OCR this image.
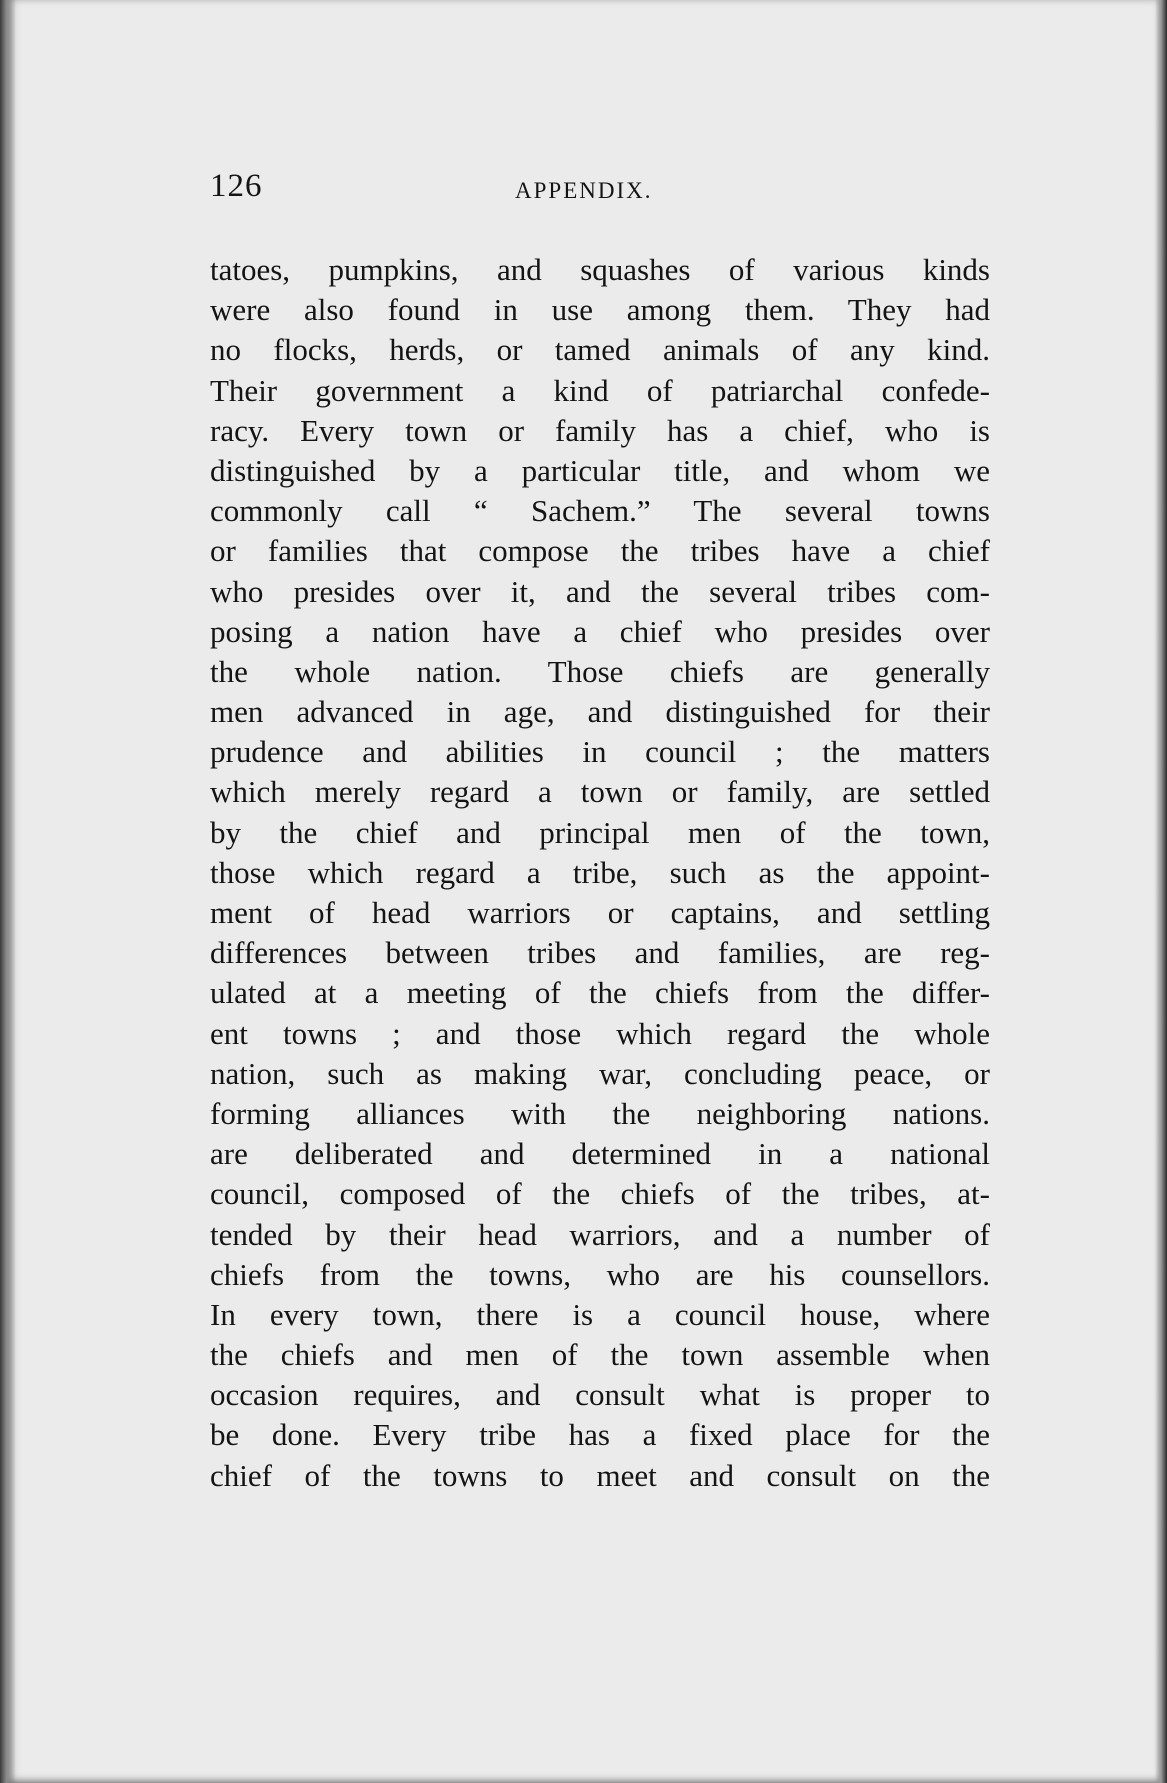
126	APPENDIX.
tatoes, pumpkins, and squashes of various kinds
were also found in use among them. They had
no flocks, herds, or tamed animals of any kind.
Their government a kind of patriarchal confede-
racy. Every town or family has a chief, who is
distinguished by a particular title, and whom we
commonly call “ Sachem.” The several towns
or families that compose the tribes have a chief
who presides over it, and the several tribes com-
posing a nation have a chief who presides over
the whole nation. Those chiefs are generally
men advanced in age, and distinguished for their
prudence and abilities in council ; the matters
which merely regard a town or family, are settled
by the chief and principal men of the town,
those which regard a tribe, such as the appoint-
ment of head warriors or captains, and settling
differences between tribes and families, are reg-
ulated at a meeting of the chiefs from the differ-
ent towns ; and those which regard the whole
nation, such as making war, concluding peace, or
forming alliances with the neighboring nations.
are deliberated and determined in a national
council, composed of the chiefs of the tribes, at-
tended by their head warriors, and a number of
chiefs from the towns, who are his counsellors.
In every town, there is a council house, where
the chiefs and men of the town assemble when
occasion requires, and consult what is proper to
be done. Every tribe has a fixed place for the
chief of the towns to meet and consult on the
